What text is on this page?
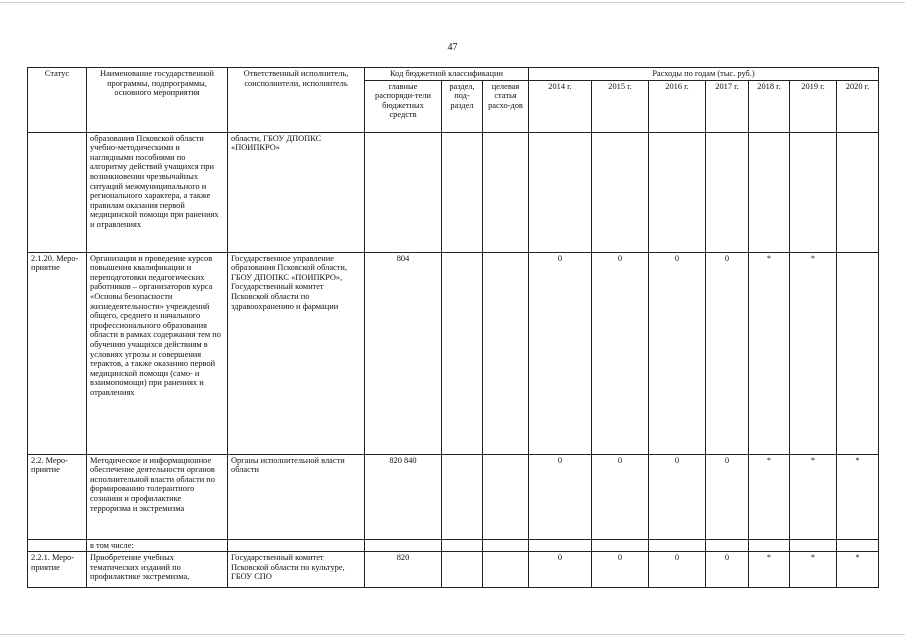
47
Статус	Наименование государственной программы, подпрограммы, основного мероприятия	Ответственный исполнитель, соисполнители, исполнитель	Код бюджетной классификации			Расходы по годам (тыс. руб.)						
			главные распоряди-тели бюджетных средств	раздел, под-раздел	целевая статья расхо-дов	2014 г.	2015 г.	2016 г.	2017 г.	2018 г.	2019 г.	2020 г.
	образования Псковской области учебно-методическими и наглядными пособиями по алгоритму действий учащихся при возникновении чрезвычайных ситуаций межмуниципального и регионального характера, а также правилам оказания первой медицинской помощи при ранениях и отравлениях	области, ГБОУ ДПОПКС «ПОИПКРО»										
2.1.20. Меро-приятие	Организация и проведение курсов повышения квалификации и переподготовки педагогических работников – организаторов курса «Основы безопасности жизнедеятельности» учреждений общего, среднего и начального профессионального образования области в рамках содержания тем по обучению учащихся действиям в условиях угрозы и совершения терактов, а также оказанию первой медицинской помощи (само- и взаимопомощи) при ранениях и отравлениях	Государственное управление образования Псковской области, ГБОУ ДПОПКС «ПОИПКРО», Государственный комитет Псковской области по здравоохранению и фармации	804			0	0	0	0	*	*	
2.2. Меро-приятие	Методическое и информационное обеспечение деятельности органов исполнительной власти области по формированию толерантного сознания и профилактике терроризма и экстремизма	Органы исполнительной власти области	820 840			0	0	0	0	*	*	*
	в том числе:											
2.2.1. Меро-приятие	Приобретение учебных тематических изданий по профилактике экстремизма,	Государственный комитет Псковской области по культуре, ГБОУ СПО	820			0	0	0	0	*	*	*
